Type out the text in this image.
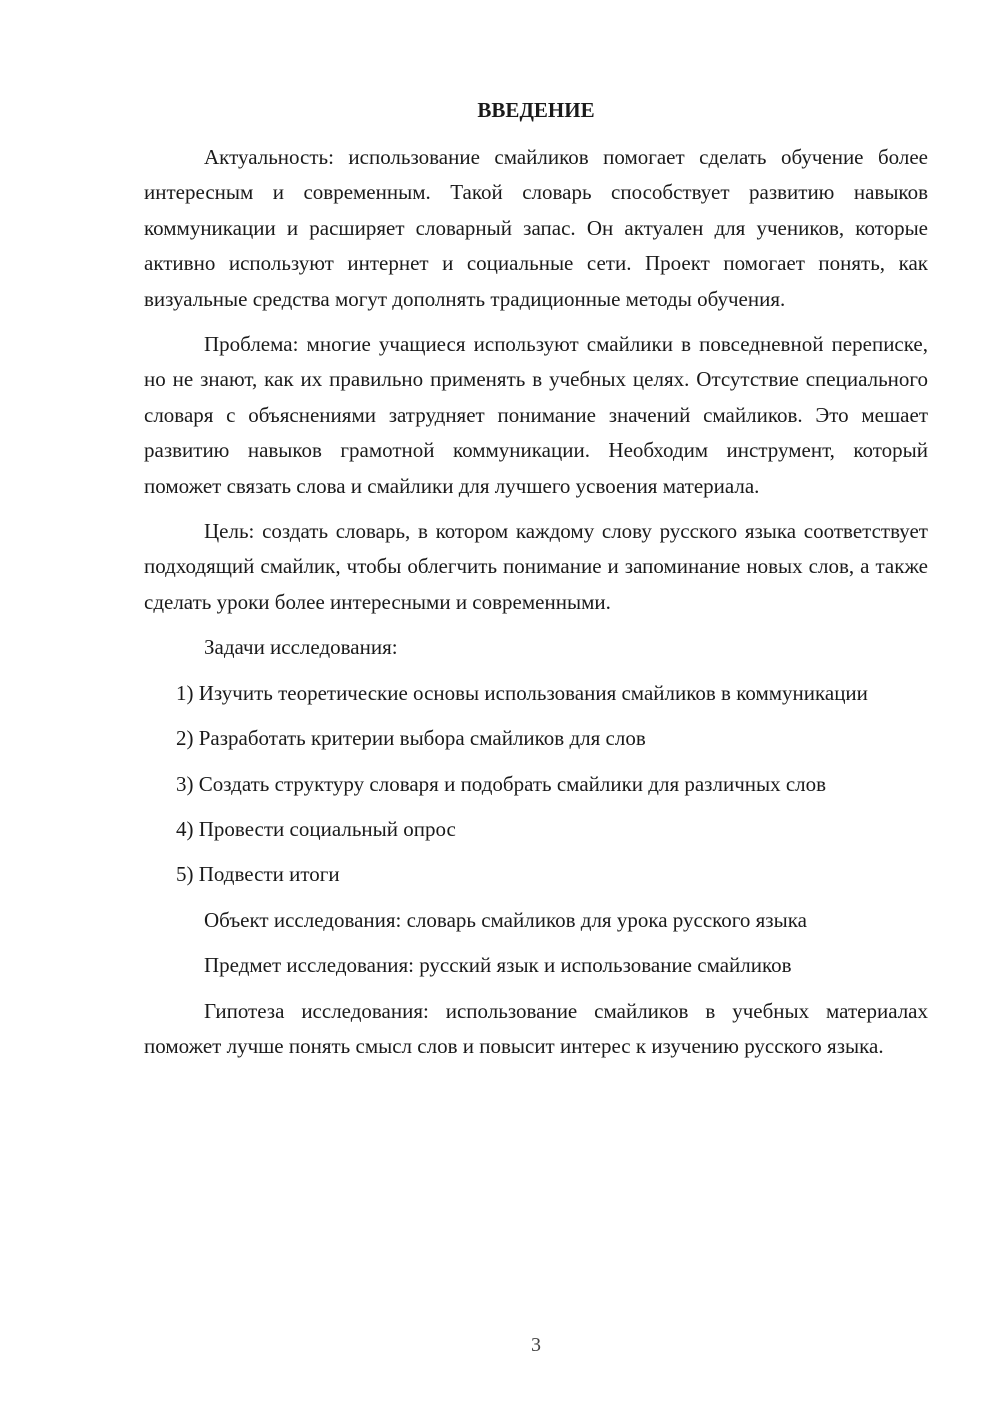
ВВЕДЕНИЕ

Актуальность: использование смайликов помогает сделать обучение более интересным и современным. Такой словарь способствует развитию навыков коммуникации и расширяет словарный запас. Он актуален для учеников, которые активно используют интернет и социальные сети. Проект помогает понять, как визуальные средства могут дополнять традиционные методы обучения.

Проблема: многие учащиеся используют смайлики в повседневной переписке, но не знают, как их правильно применять в учебных целях. Отсутствие специального словаря с объяснениями затрудняет понимание значений смайликов. Это мешает развитию навыков грамотной коммуникации. Необходим инструмент, который поможет связать слова и смайлики для лучшего усвоения материала.

Цель: создать словарь, в котором каждому слову русского языка соответствует подходящий смайлик, чтобы облегчить понимание и запоминание новых слов, а также сделать уроки более интересными и современными.

Задачи исследования:

1) Изучить теоретические основы использования смайликов в коммуникации

2) Разработать критерии выбора смайликов для слов

3) Создать структуру словаря и подобрать смайлики для различных слов

4) Провести социальный опрос

5) Подвести итоги

Объект исследования: словарь смайликов для урока русского языка

Предмет исследования: русский язык и использование смайликов

Гипотеза исследования: использование смайликов в учебных материалах поможет лучше понять смысл слов и повысит интерес к изучению русского языка.

3
